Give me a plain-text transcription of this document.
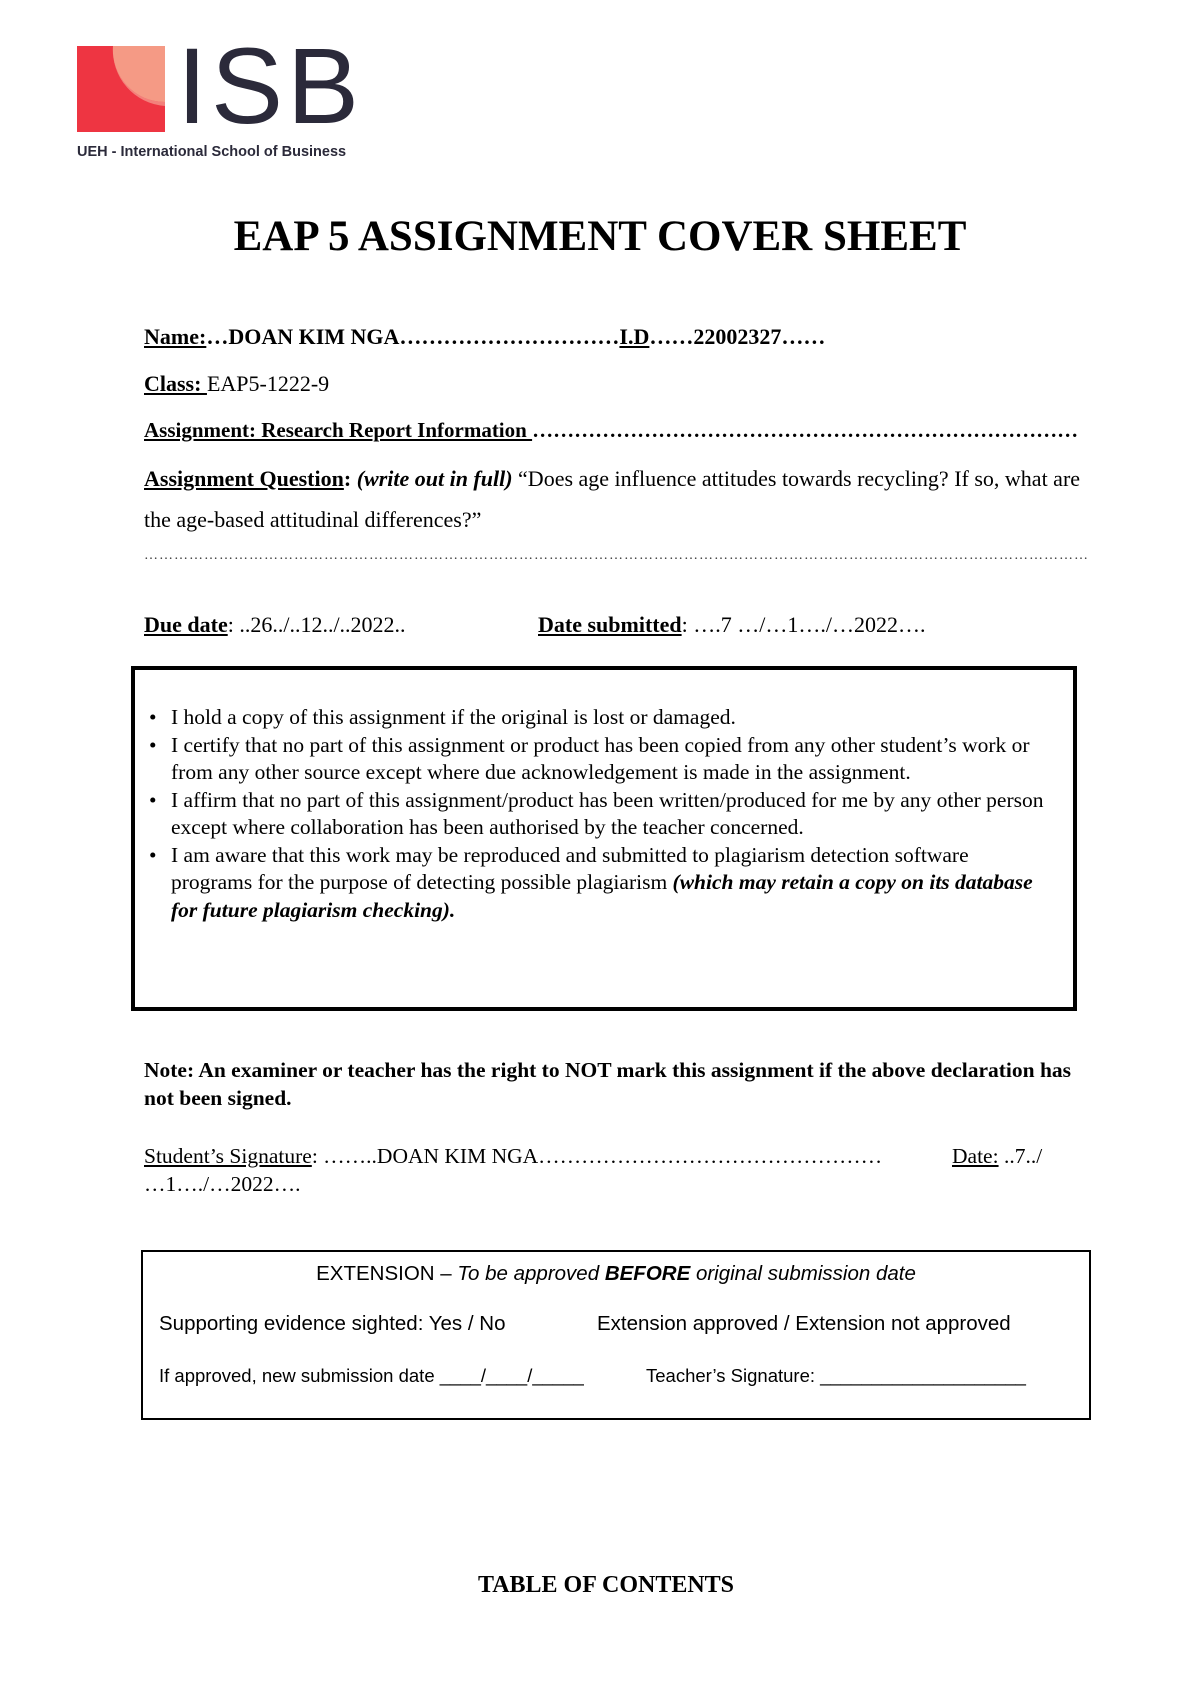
ISB
UEH - International School of Business
EAP 5 ASSIGNMENT COVER SHEET
Name:…DOAN KIM NGA…………………………I.D……22002327……
Class: EAP5-1222-9
Assignment: Research Report Information ……………………………………………………………………
Assignment Question: (write out in full) “Does age influence attitudes towards recycling? If so, what are the age-based attitudinal differences?”
………………………………………………………………………………………………………………………………………………………………………
Due date: ..26../..12../..2022..	Date submitted: ….7 …/…1…./…2022….
• I hold a copy of this assignment if the original is lost or damaged.
• I certify that no part of this assignment or product has been copied from any other student’s work or from any other source except where due acknowledgement is made in the assignment.
• I affirm that no part of this assignment/product has been written/produced for me by any other person except where collaboration has been authorised by the teacher concerned.
• I am aware that this work may be reproduced and submitted to plagiarism detection software programs for the purpose of detecting possible plagiarism (which may retain a copy on its database for future plagiarism checking).
Note: An examiner or teacher has the right to NOT mark this assignment if the above declaration has not been signed.
Student’s Signature: ……..DOAN KIM NGA…………………………………………	Date: ..7../
…1…./…2022….
EXTENSION – To be approved BEFORE original submission date
Supporting evidence sighted: Yes / No	Extension approved / Extension not approved
If approved, new submission date ____/____/_____	Teacher’s Signature: ____________________
TABLE OF CONTENTS
